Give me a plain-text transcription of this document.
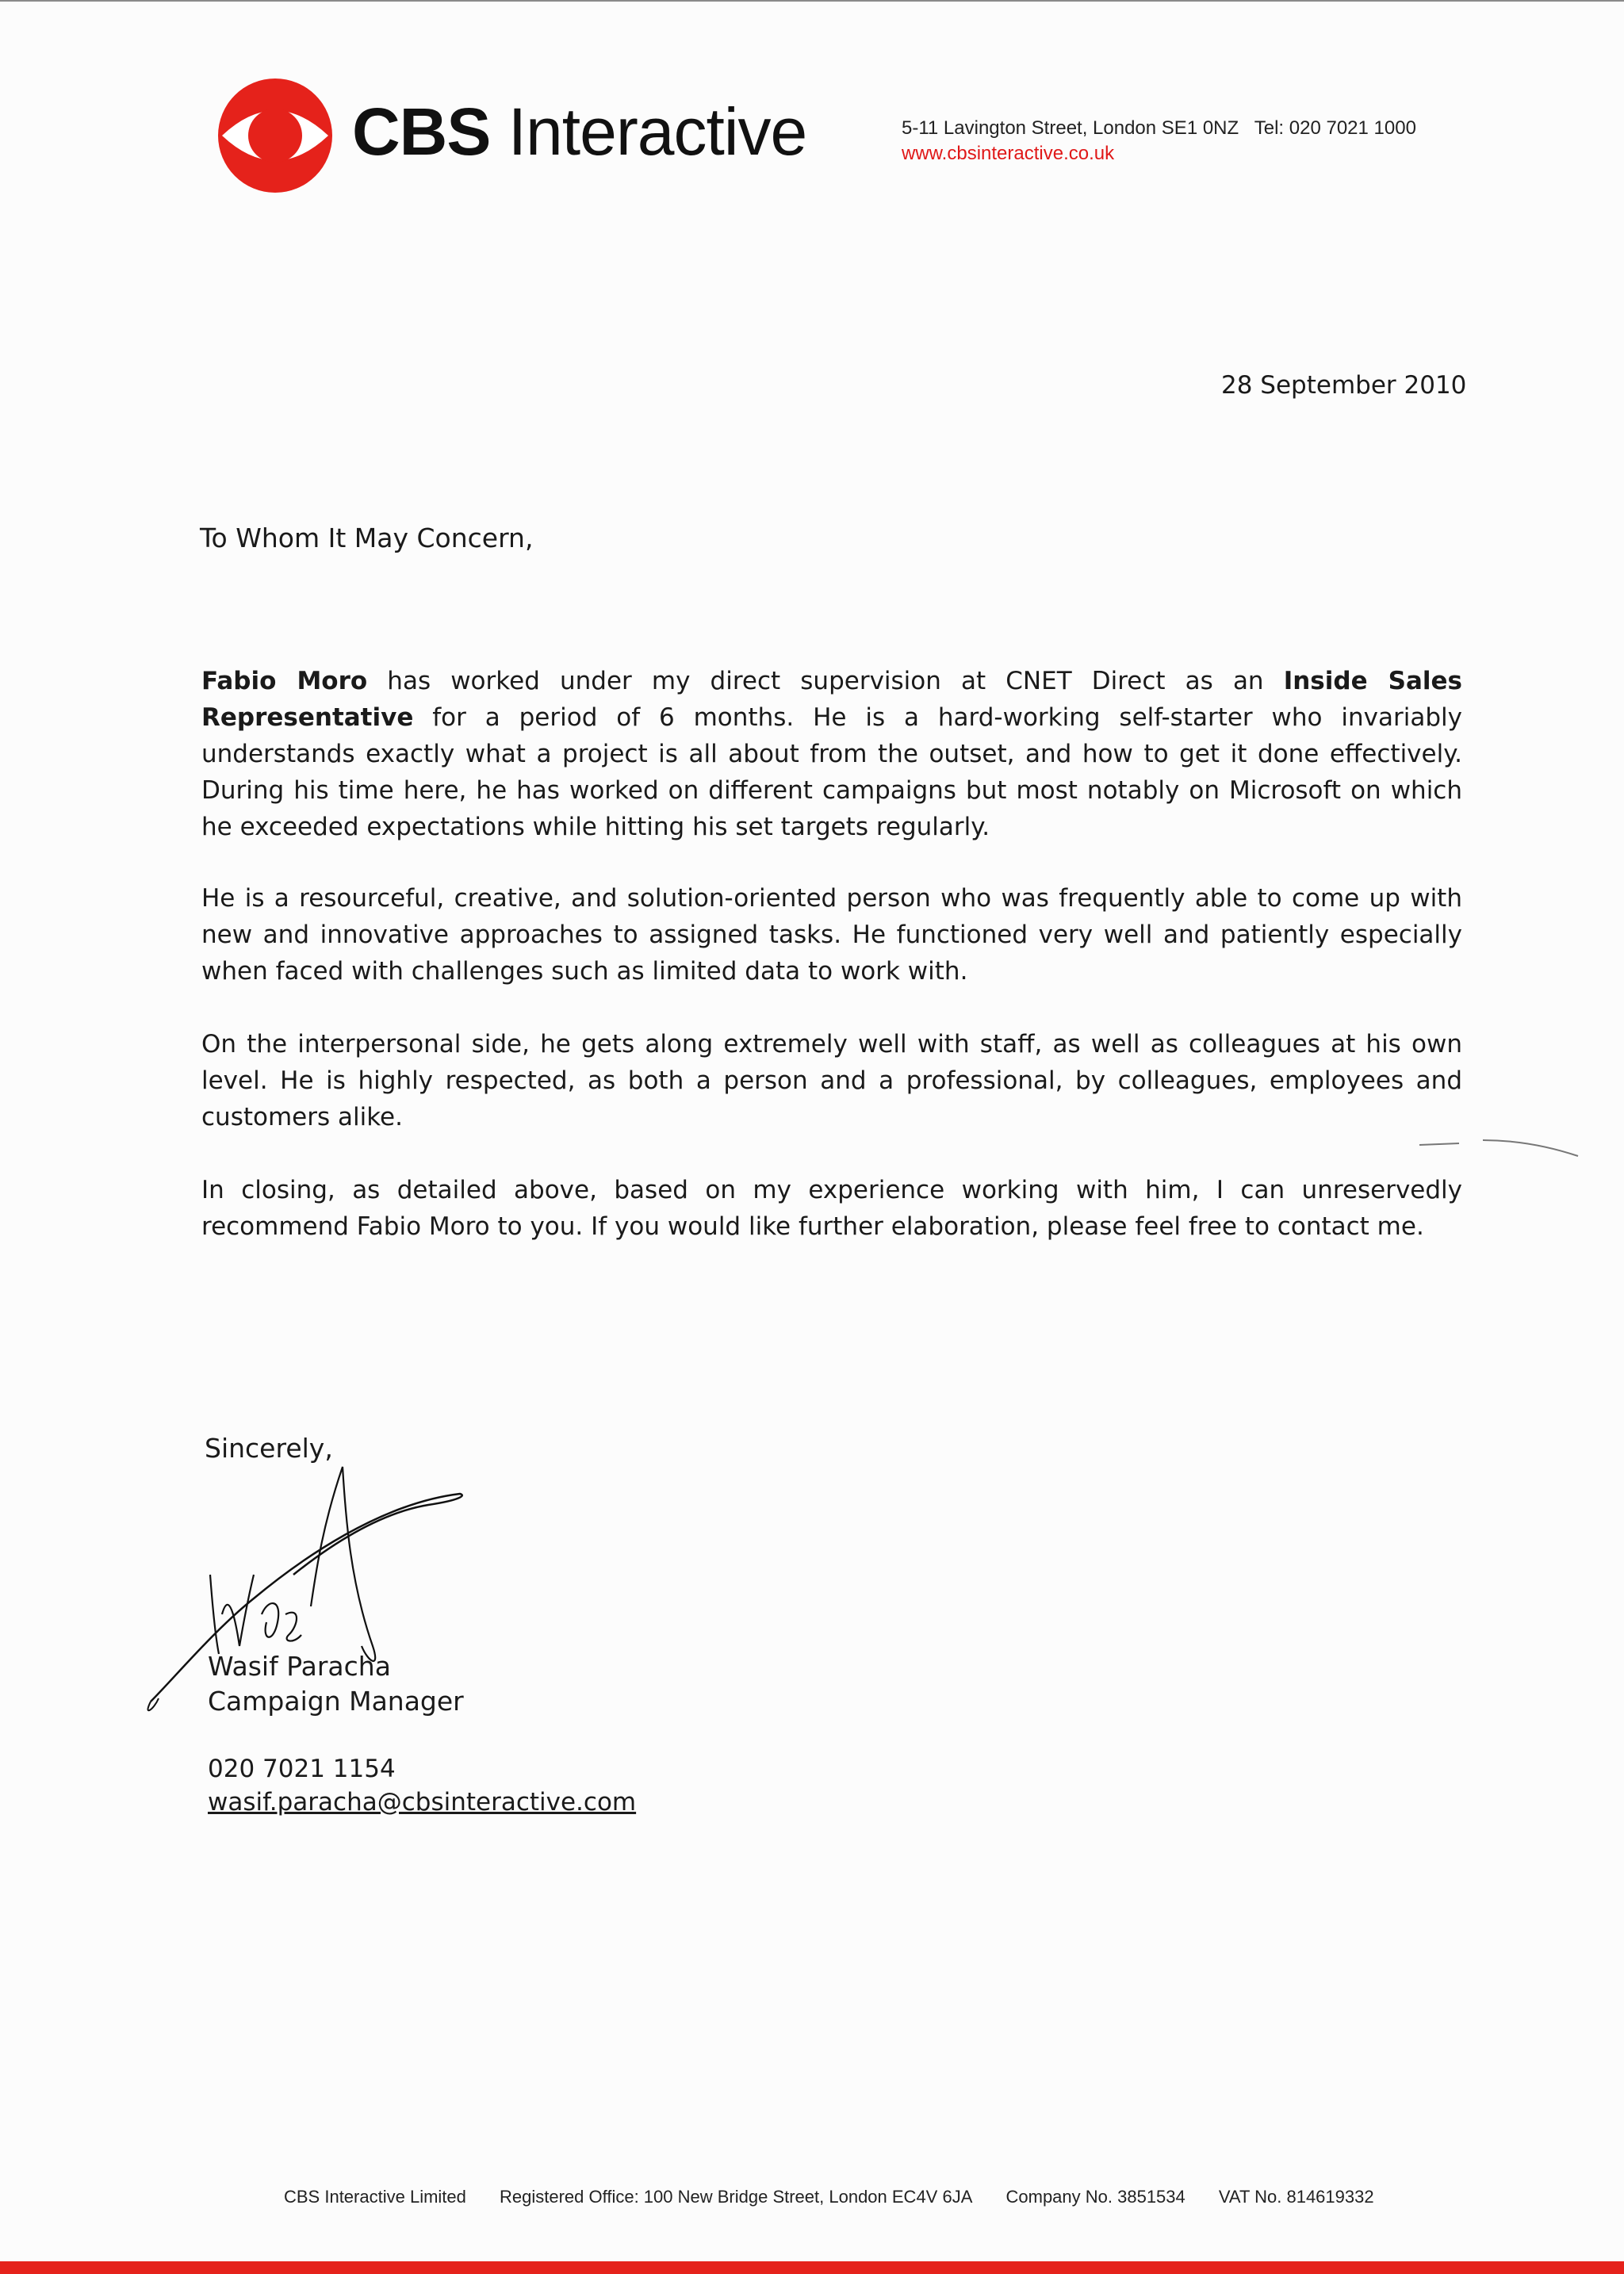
CBS Interactive	5-11 Lavington Street, London SE1 0NZ   Tel: 020 7021 1000
www.cbsinteractive.co.uk
28 September 2010
To Whom It May Concern,

Fabio Moro has worked under my direct supervision at CNET Direct as an Inside Sales Representative for a period of 6 months. He is a hard-working self-starter who invariably understands exactly what a project is all about from the outset, and how to get it done effectively. During his time here, he has worked on different campaigns but most notably on Microsoft on which he exceeded expectations while hitting his set targets regularly.

He is a resourceful, creative, and solution-oriented person who was frequently able to come up with new and innovative approaches to assigned tasks. He functioned very well and patiently especially when faced with challenges such as limited data to work with.

On the interpersonal side, he gets along extremely well with staff, as well as colleagues at his own level. He is highly respected, as both a person and a professional, by colleagues, employees and customers alike.

In closing, as detailed above, based on my experience working with him, I can unreservedly recommend Fabio Moro to you. If you would like further elaboration, please feel free to contact me.

Sincerely,
Wasif Paracha
Campaign Manager
020 7021 1154
wasif.paracha@cbsinteractive.com
CBS Interactive Limited Registered Office: 100 New Bridge Street, London EC4V 6JA Company No. 3851534 VAT No. 814619332
